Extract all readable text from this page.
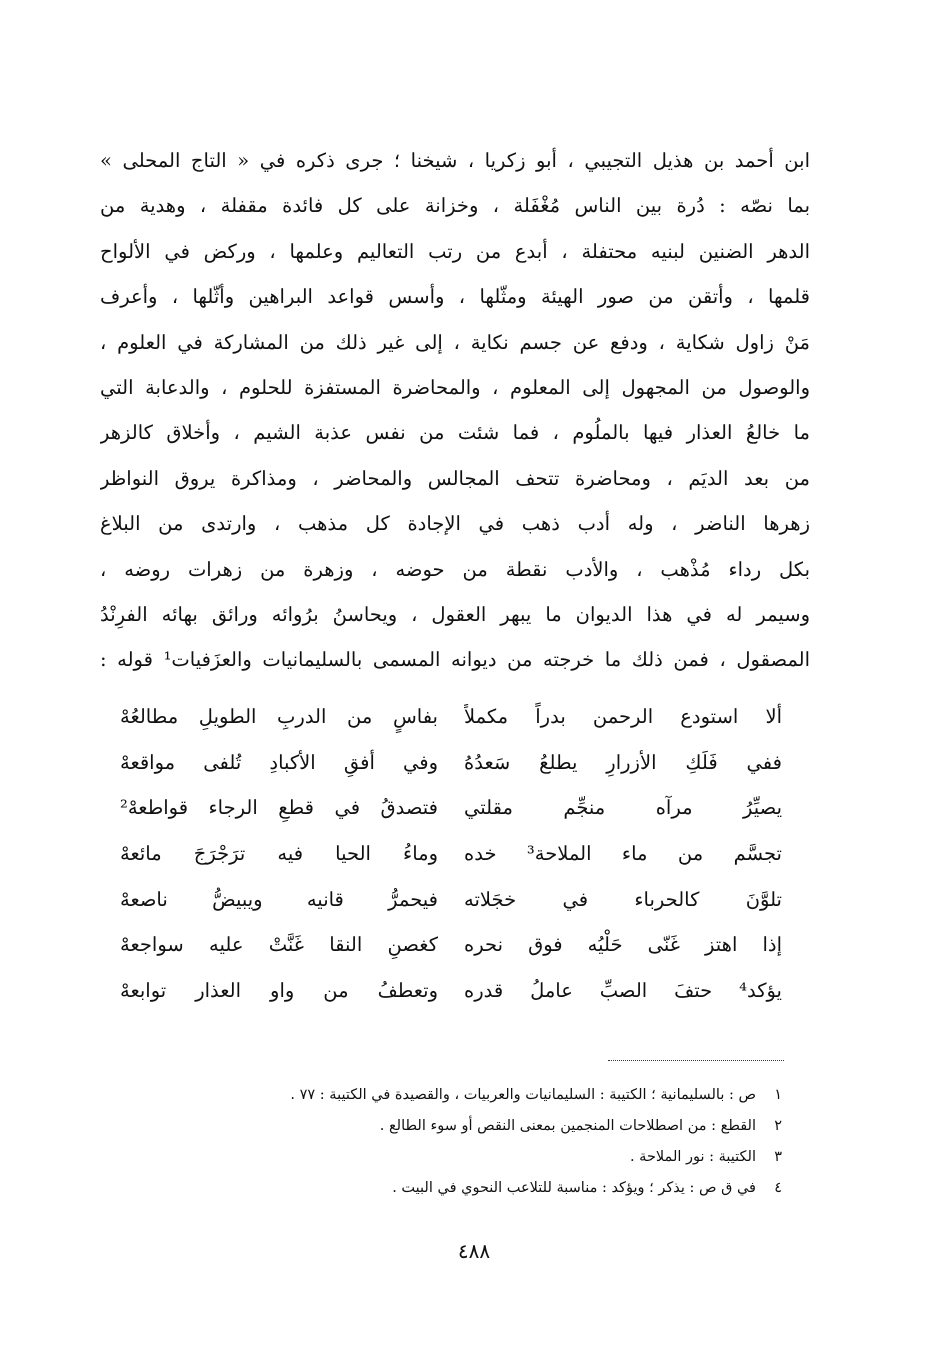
ابن أحمد بن هذيل التجيبي ، أبو زكريا ، شيخنا ؛ جرى ذكره في « التاج المحلى »
بما نصّه : دُرة بين الناس مُغْفَلة ، وخزانة على كل فائدة مقفلة ، وهدية من
الدهر الضنين لبنيه محتفلة ، أبدع من رتب التعاليم وعلمها ، وركض في الألواح
قلمها ، وأتقن من صور الهيئة ومثّلها ، وأسس قواعد البراهين وأثّلها ، وأعرف
مَنْ زاول شكاية ، ودفع عن جسم نكاية ، إلى غير ذلك من المشاركة في العلوم ،
والوصول من المجهول إلى المعلوم ، والمحاضرة المستفزة للحلوم ، والدعابة التي
ما خالعُ العذار فيها بالملُوم ، فما شئت من نفس عذبة الشيم ، وأخلاق كالزهر
من بعد الديَم ، ومحاضرة تتحف المجالس والمحاضر ، ومذاكرة يروق النواظر
زهرها الناضر ، وله أدب ذهب في الإجادة كل مذهب ، وارتدى من البلاغ
بكل رداء مُذْهب ، والأدب نقطة من حوضه ، وزهرة من زهرات روضه ،
وسيمر له في هذا الديوان ما يبهر العقول ، ويحاسنُ برُوائه ورائق بهائه الفرِنْدُ
المصقول ، فمن ذلك ما خرجته من ديوانه المسمى بالسليمانيات والعزَفيات¹ قوله :
ألا استودع الرحمن بدراً مكملاً
بفاسٍ من الدربِ الطويلِ مطالعُهْ
ففي فَلَكِ الأزرارِ يطلعُ سَعدُهُ
وفي أفقِ الأكبادِ تُلفى مواقعهْ
يصيِّرُ مرآه منجِّم مقلتي
فتصدقُ في قطعِ الرجاء قواطعهْ²
تجسَّم من ماء الملاحة³ خده
وماءُ الحيا فيه ترَجْرَجَ مائعهْ
تلوَّنَ كالحرباء في خجَلاته
فيحمرُّ قانيه ويبيضُّ ناصعهْ
إذا اهتز غَنّى حَلْيُه فوق نحره
كغصنِ النقا غَنَّتْ عليه سواجعهْ
يؤكد⁴ حتفَ الصبِّ عاملُ قدره
وتعطفُ من واو العذار توابعهْ
١ص : بالسليمانية ؛ الكتيبة : السليمانيات والعربيات ، والقصيدة في الكتيبة : ٧٧ .
٢القطع : من اصطلاحات المنجمين بمعنى النقص أو سوء الطالع .
٣الكتيبة : نور الملاحة .
٤في ق ص : يذكر ؛ ويؤكد : مناسبة للتلاعب النحوي في البيت .
٤٨٨
